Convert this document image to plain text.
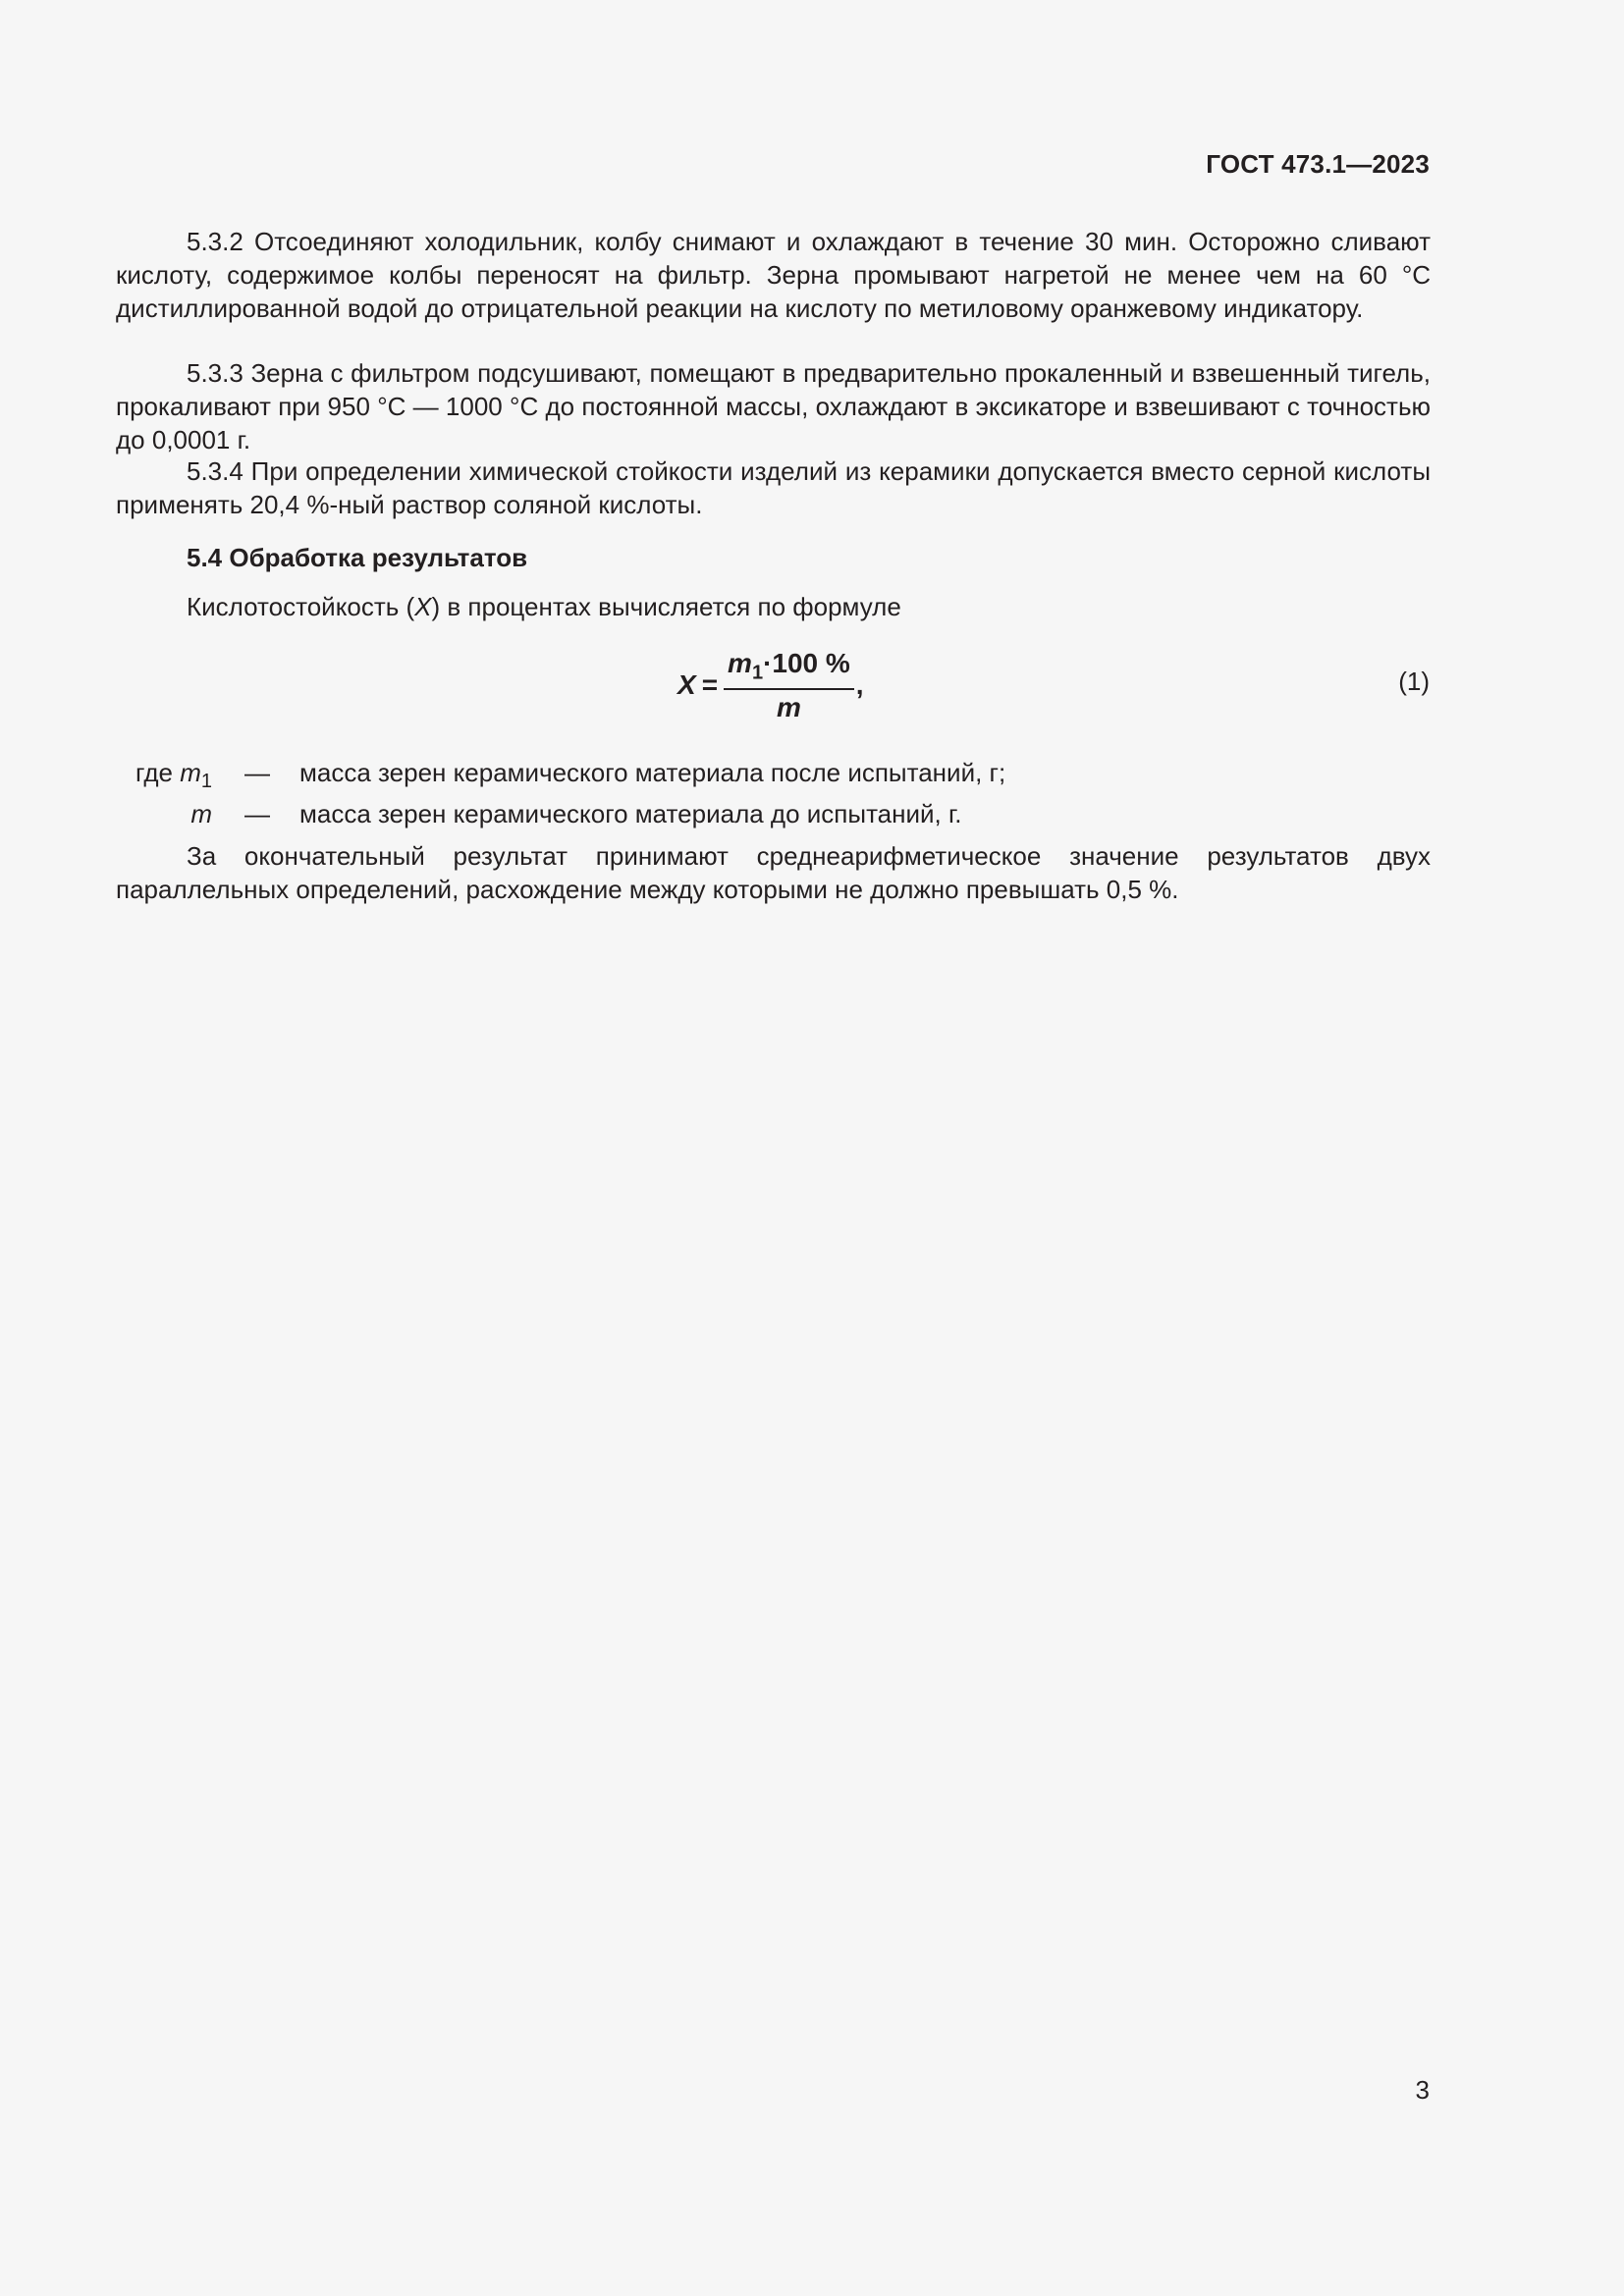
ГОСТ 473.1—2023

5.3.2 Отсоединяют холодильник, колбу снимают и охлаждают в течение 30 мин. Осторожно сливают кислоту, содержимое колбы переносят на фильтр. Зерна промывают нагретой не менее чем на 60 °С дистиллированной водой до отрицательной реакции на кислоту по метиловому оранжевому индикатору.

5.3.3 Зерна с фильтром подсушивают, помещают в предварительно прокаленный и взвешенный тигель, прокаливают при 950 °С — 1000 °С до постоянной массы, охлаждают в эксикаторе и взвешивают с точностью до 0,0001 г.

5.3.4 При определении химической стойкости изделий из керамики допускается вместо серной кислоты применять 20,4 %-ный раствор соляной кислоты.

5.4 Обработка результатов
Кислотостойкость (X) в процентах вычисляется по формуле
$X = \frac{m_1\cdot 100 \%}{m}$ ,	(1)
где $m_1$	—	масса зерен керамического материала после испытаний, г;
m	—	масса зерен керамического материала до испытаний, г.

За окончательный результат принимают среднеарифметическое значение результатов двух параллельных определений, расхождение между которыми не должно превышать 0,5 %.

3
